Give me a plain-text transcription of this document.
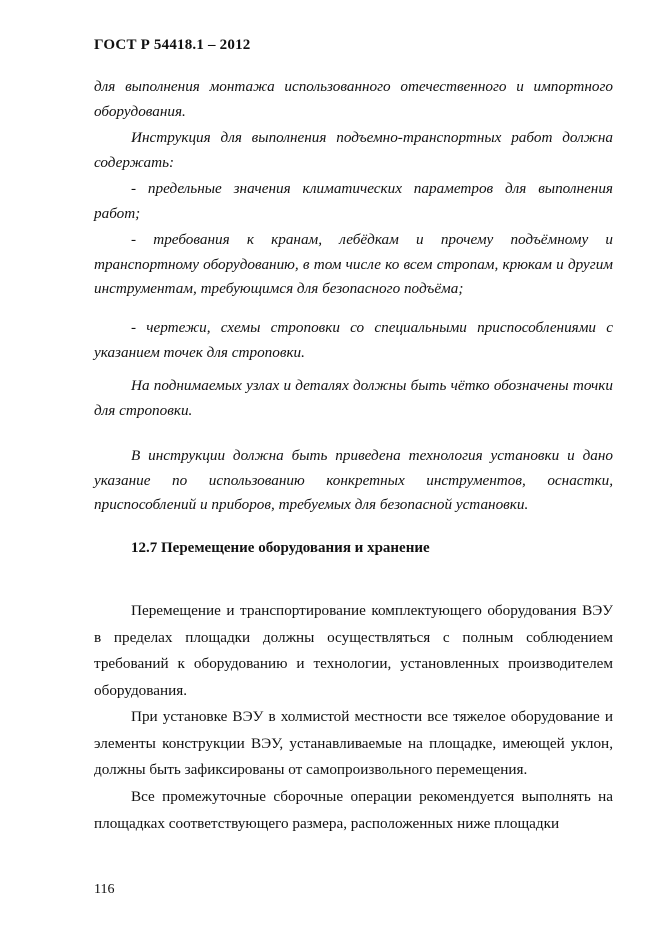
ГОСТ Р 54418.1 – 2012

для выполнения монтажа использованного отечественного и импортного оборудования.

Инструкция для выполнения подъемно-транспортных работ должна содержать:

- предельные значения климатических параметров для выполнения работ;

- требования к кранам, лебёдкам и прочему подъёмному и транспортному оборудованию, в том числе ко всем стропам, крюкам и другим инструментам, требующимся для безопасного подъёма;

- чертежи, схемы строповки со специальными приспособлениями с указанием точек для строповки.

На поднимаемых узлах и деталях должны быть чётко обозначены точки для строповки.

В инструкции должна быть приведена технология установки и дано указание по использованию конкретных инструментов, оснастки, приспособлений и приборов, требуемых для безопасной установки.

12.7 Перемещение оборудования и хранение

Перемещение и транспортирование комплектующего оборудования ВЭУ в пределах площадки должны осуществляться с полным соблюдением требований к оборудованию и технологии, установленных производителем оборудования.

При установке ВЭУ в холмистой местности все тяжелое оборудование и элементы конструкции ВЭУ, устанавливаемые на площадке, имеющей уклон, должны быть зафиксированы от самопроизвольного перемещения.

Все промежуточные сборочные операции рекомендуется выполнять на площадках соответствующего размера, расположенных ниже площадки

116
